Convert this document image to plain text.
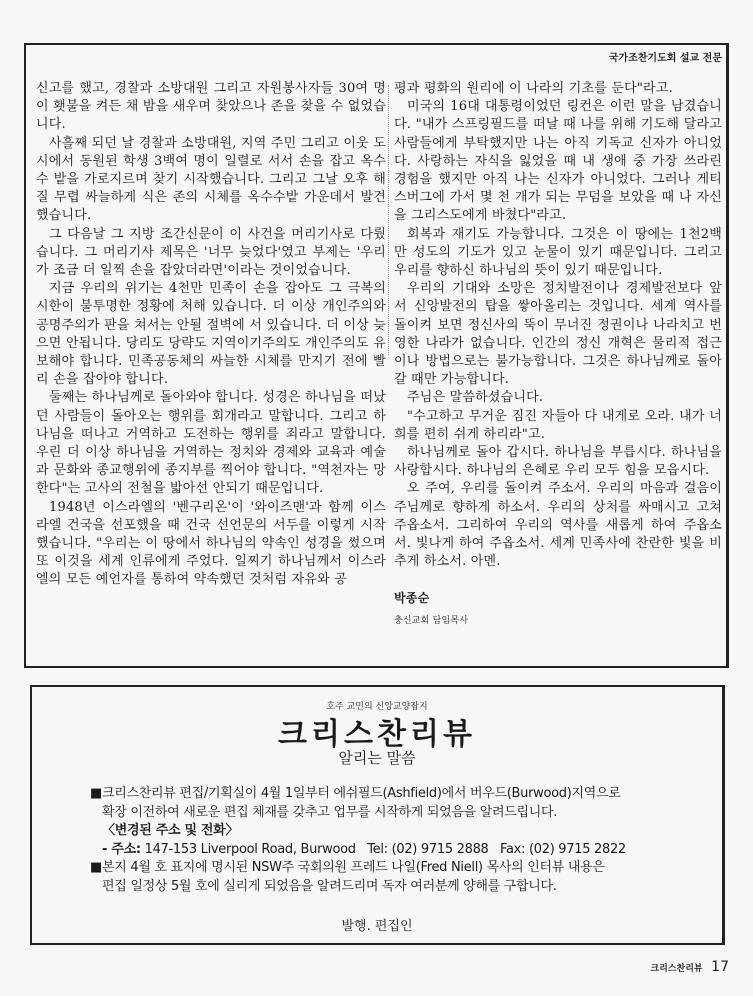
국가조찬기도회 설교 전문

신고를 했고, 경찰과 소방대원 그리고 자원봉사자들 30여 명이 횃불을 켜든 채 밤을 새우며 찾았으나 존을 찾을 수 없었습니다.

사흘째 되던 날 경찰과 소방대원, 지역 주민 그리고 이웃 도시에서 동원된 학생 3백여 명이 일렬로 서서 손을 잡고 옥수수 밭을 가로지르며 찾기 시작했습니다. 그리고 그날 오후 해질 무렵 싸늘하게 식은 존의 시체를 옥수수밭 가운데서 발견했습니다.

그 다음날 그 지방 조간신문이 이 사건을 머리기사로 다뤘습니다. 그 머리기사 제목은 '너무 늦었다'였고 부제는 '우리가 조금 더 일찍 손을 잡았더라면'이라는 것이었습니다.

지금 우리의 위기는 4천만 민족이 손을 잡아도 그 극복의 시한이 불투명한 정황에 처해 있습니다. 더 이상 개인주의와 공명주의가 판을 쳐서는 안될 절벽에 서 있습니다. 더 이상 늦으면 안됩니다. 당리도 당략도 지역이기주의도 개인주의도 유보해야 합니다. 민족공동체의 싸늘한 시체를 만지기 전에 빨리 손을 잡아야 합니다.

둘째는 하나님께로 돌아와야 합니다. 성경은 하나님을 떠났던 사람들이 돌아오는 행위를 회개라고 말합니다. 그리고 하나님을 떠나고 거역하고 도전하는 행위를 죄라고 말합니다. 우린 더 이상 하나님을 거역하는 정치와 경제와 교육과 예술과 문화와 종교행위에 종지부를 찍어야 합니다. "역천자는 망한다"는 고사의 전철을 밟아선 안되기 때문입니다.

1948년 이스라엘의 '벤구리온'이 '와이즈맨'과 함께 이스라엘 건국을 선포했을 때 건국 선언문의 서두를 이렇게 시작했습니다. "우리는 이 땅에서 하나님의 약속인 성경을 썼으며 또 이것을 세계 인류에게 주었다. 일찌기 하나님께서 이스라엘의 모든 예언자를 통하여 약속했던 것처럼 자유와 공

평과 평화의 원리에 이 나라의 기초를 둔다"라고.

미국의 16대 대통령이었던 링컨은 이런 말을 남겼습니다. "내가 스프링필드를 떠날 때 나를 위해 기도해 달라고 사람들에게 부탁했지만 나는 아직 기독교 신자가 아니었다. 사랑하는 자식을 잃었을 때 내 생애 중 가장 쓰라린 경험을 했지만 아직 나는 신자가 아니었다. 그러나 게티스버그에 가서 몇 천 개가 되는 무덤을 보았을 때 나 자신을 그리스도에게 바쳤다"라고.

회복과 재기도 가능합니다. 그것은 이 땅에는 1천2백만 성도의 기도가 있고 눈물이 있기 때문입니다. 그리고 우리를 향하신 하나님의 뜻이 있기 때문입니다.

우리의 기대와 소망은 정치발전이나 경제발전보다 앞서 신앙발전의 탑을 쌓아올리는 것입니다. 세계 역사를 돌이켜 보면 정신사의 뚝이 무너진 정권이나 나라치고 번영한 나라가 없습니다. 인간의 정신 개혁은 물리적 접근이나 방법으로는 불가능합니다. 그것은 하나님께로 돌아갈 때만 가능합니다.

주님은 말씀하셨습니다.

"수고하고 무거운 짐진 자들아 다 내게로 오라. 내가 너희를 편히 쉬게 하리라"고.

하나님께로 돌아 갑시다. 하나님을 부릅시다. 하나님을 사랑합시다. 하나님의 은혜로 우리 모두 힘을 모읍시다.

오 주여, 우리를 돌이켜 주소서. 우리의 마음과 걸음이 주님께로 향하게 하소서. 우리의 상처를 싸매시고 고쳐 주옵소서. 그리하여 우리의 역사를 새롭게 하여 주옵소서. 빛나게 하여 주옵소서. 세계 민족사에 찬란한 빛을 비추게 하소서. 아멘.

박종순
충신교회 담임목사
호주 교민의 신앙교양잡지
크리스찬리뷰
알리는 말씀
■ 크리스찬리뷰 편집/기획실이 4월 1일부터 에쉬필드(Ashfield)에서 버우드(Burwood)지역으로
확장 이전하여 새로운 편집 체재를 갖추고 업무를 시작하게 되었음을 알려드립니다.
〈변경된 주소 및 전화〉
- 주소: 147-153 Liverpool Road, Burwood Tel: (02) 9715 2888 Fax: (02) 9715 2822
■ 본지 4월 호 표지에 명시된 NSW주 국회의원 프레드 나일(Fred Niell) 목사의 인터뷰 내용은
편집 일정상 5월 호에 실리게 되었음을 알려드리며 독자 여러분께 양해를 구합니다.
발행. 편집인
크리스찬리뷰 17
